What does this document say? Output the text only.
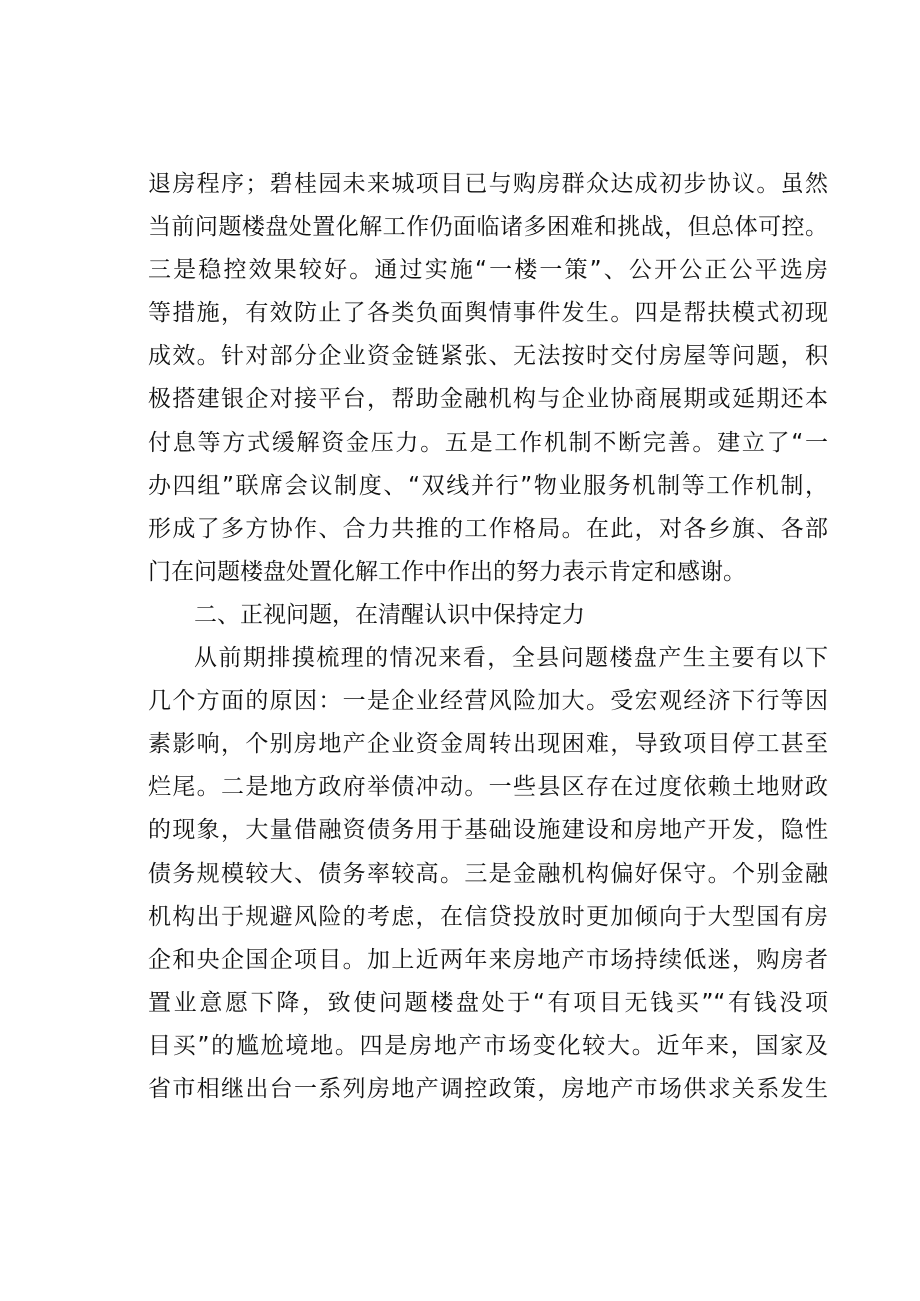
退房程序；碧桂园未来城项目已与购房群众达成初步协议。虽然
当前问题楼盘处置化解工作仍面临诸多困难和挑战，但总体可控。
三是稳控效果较好。通过实施“一楼一策”、公开公正公平选房
等措施，有效防止了各类负面舆情事件发生。四是帮扶模式初现
成效。针对部分企业资金链紧张、无法按时交付房屋等问题，积
极搭建银企对接平台，帮助金融机构与企业协商展期或延期还本
付息等方式缓解资金压力。五是工作机制不断完善。建立了“一
办四组”联席会议制度、“双线并行”物业服务机制等工作机制，
形成了多方协作、合力共推的工作格局。在此，对各乡旗、各部
门在问题楼盘处置化解工作中作出的努力表示肯定和感谢。
二、正视问题，在清醒认识中保持定力
从前期排摸梳理的情况来看，全县问题楼盘产生主要有以下
几个方面的原因：一是企业经营风险加大。受宏观经济下行等因
素影响，个别房地产企业资金周转出现困难，导致项目停工甚至
烂尾。二是地方政府举债冲动。一些县区存在过度依赖土地财政
的现象，大量借融资债务用于基础设施建设和房地产开发，隐性
债务规模较大、债务率较高。三是金融机构偏好保守。个别金融
机构出于规避风险的考虑，在信贷投放时更加倾向于大型国有房
企和央企国企项目。加上近两年来房地产市场持续低迷，购房者
置业意愿下降，致使问题楼盘处于“有项目无钱买”“有钱没项
目买”的尴尬境地。四是房地产市场变化较大。近年来，国家及
省市相继出台一系列房地产调控政策，房地产市场供求关系发生
